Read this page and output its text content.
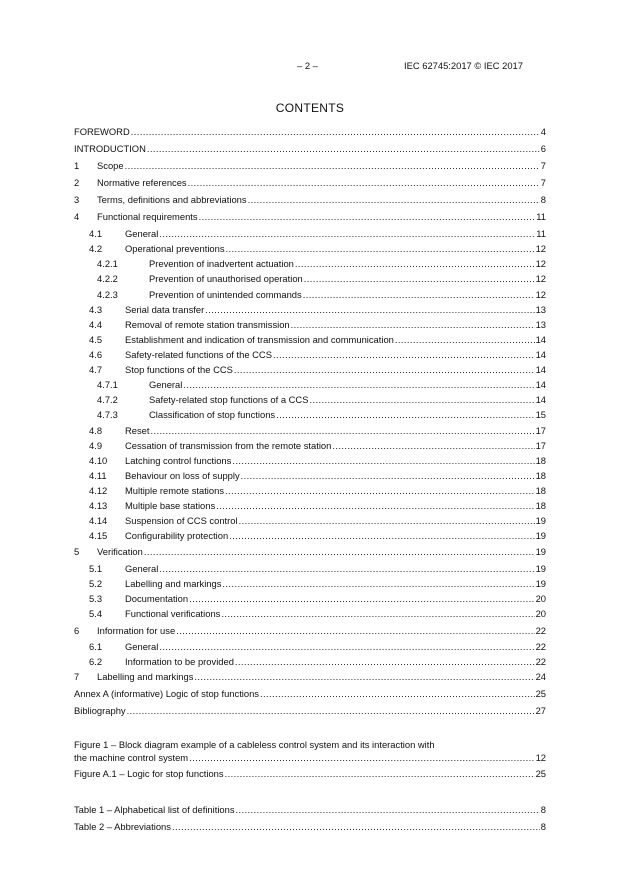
– 2 –	IEC 62745:2017 © IEC 2017
CONTENTS
FOREWORD .....	4
INTRODUCTION .....	6
1	Scope .....	7
2	Normative references .....	7
3	Terms, definitions and abbreviations .....	8
4	Functional requirements .....	11
4.1	General .....	11
4.2	Operational preventions .....	12
4.2.1	Prevention of inadvertent actuation .....	12
4.2.2	Prevention of unauthorised operation .....	12
4.2.3	Prevention of unintended commands .....	12
4.3	Serial data transfer .....	13
4.4	Removal of remote station transmission .....	13
4.5	Establishment and indication of transmission and communication .....	14
4.6	Safety-related functions of the CCS .....	14
4.7	Stop functions of the CCS .....	14
4.7.1	General .....	14
4.7.2	Safety-related stop functions of a CCS .....	14
4.7.3	Classification of stop functions .....	15
4.8	Reset .....	17
4.9	Cessation of transmission from the remote station .....	17
4.10	Latching control functions .....	18
4.11	Behaviour on loss of supply .....	18
4.12	Multiple remote stations .....	18
4.13	Multiple base stations .....	18
4.14	Suspension of CCS control .....	19
4.15	Configurability protection .....	19
5	Verification .....	19
5.1	General .....	19
5.2	Labelling and markings .....	19
5.3	Documentation .....	20
5.4	Functional verifications .....	20
6	Information for use .....	22
6.1	General .....	22
6.2	Information to be provided .....	22
7	Labelling and markings .....	24
Annex A (informative) Logic of stop functions .....	25
Bibliography .....	27
Figure 1 – Block diagram example of a cableless control system and its interaction with
the machine control system .....	12
Figure A.1 – Logic for stop functions .....	25
Table 1 – Alphabetical list of definitions .....	8
Table 2 – Abbreviations .....	8
